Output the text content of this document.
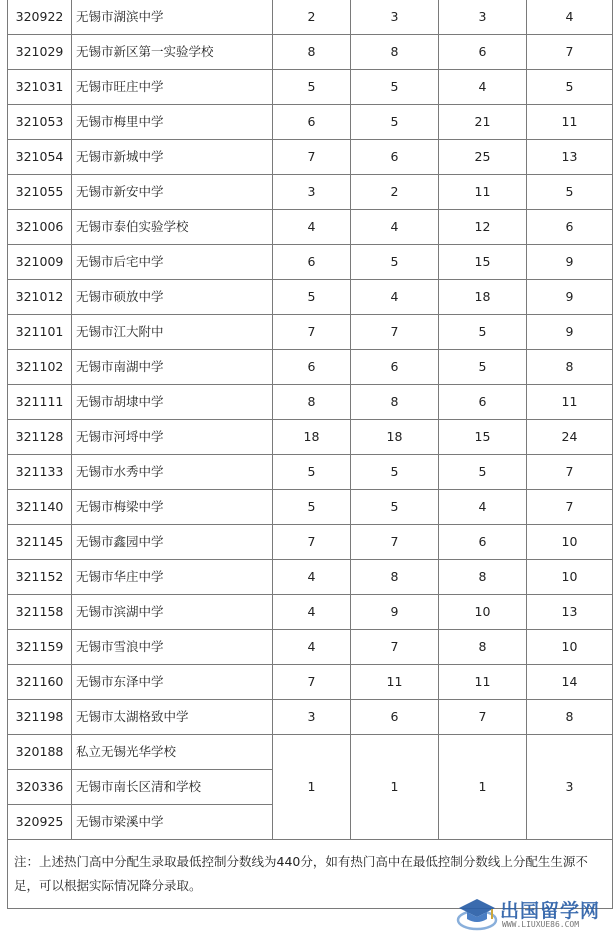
320922	无锡市湖滨中学	2	3	3	4
321029	无锡市新区第一实验学校	8	8	6	7
321031	无锡市旺庄中学	5	5	4	5
321053	无锡市梅里中学	6	5	21	11
321054	无锡市新城中学	7	6	25	13
321055	无锡市新安中学	3	2	11	5
321006	无锡市泰伯实验学校	4	4	12	6
321009	无锡市后宅中学	6	5	15	9
321012	无锡市硕放中学	5	4	18	9
321101	无锡市江大附中	7	7	5	9
321102	无锡市南湖中学	6	6	5	8
321111	无锡市胡埭中学	8	8	6	11
321128	无锡市河埒中学	18	18	15	24
321133	无锡市水秀中学	5	5	5	7
321140	无锡市梅梁中学	5	5	4	7
321145	无锡市鑫园中学	7	7	6	10
321152	无锡市华庄中学	4	8	8	10
321158	无锡市滨湖中学	4	9	10	13
321159	无锡市雪浪中学	4	7	8	10
321160	无锡市东泽中学	7	11	11	14
321198	无锡市太湖格致中学	3	6	7	8
320188	私立无锡光华学校	1	1	1	3
320336	无锡市南长区清和学校				
320925	无锡市梁溪中学				
注：上述热门高中分配生录取最低控制分数线为440分，如有热门高中在最低控制分数线上分配生生源不足，可以根据实际情况降分录取。					
出国留学网
WWW.LIUXUE86.COM
